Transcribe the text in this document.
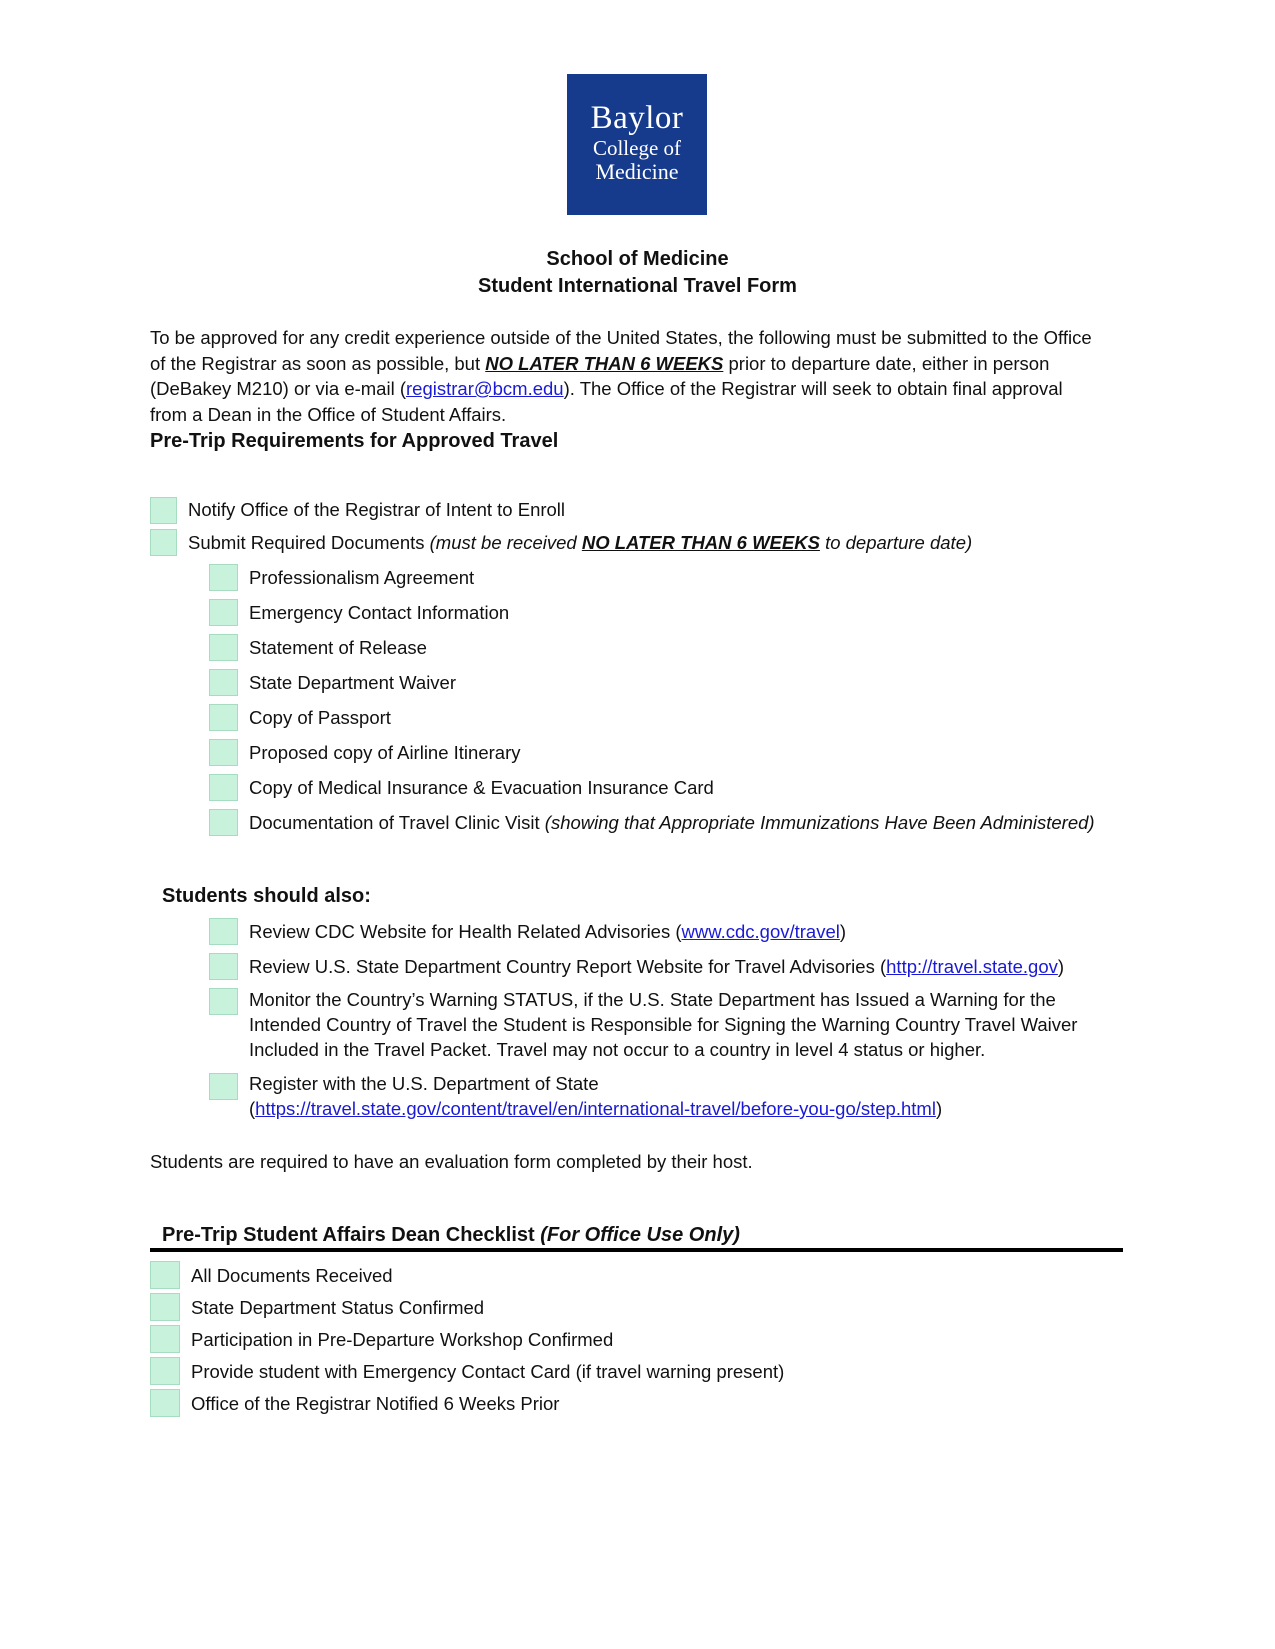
Baylor
College of
Medicine
School of Medicine
Student International Travel Form
To be approved for any credit experience outside of the United States, the following must be submitted to the Office of the Registrar as soon as possible, but NO LATER THAN 6 WEEKS prior to departure date, either in person (DeBakey M210) or via e-mail (registrar@bcm.edu). The Office of the Registrar will seek to obtain final approval from a Dean in the Office of Student Affairs.
Pre-Trip Requirements for Approved Travel
Notify Office of the Registrar of Intent to Enroll
Submit Required Documents (must be received NO LATER THAN 6 WEEKS to departure date)
Professionalism Agreement
Emergency Contact Information
Statement of Release
State Department Waiver
Copy of Passport
Proposed copy of Airline Itinerary
Copy of Medical Insurance & Evacuation Insurance Card
Documentation of Travel Clinic Visit (showing that Appropriate Immunizations Have Been Administered)
Students should also:
Review CDC Website for Health Related Advisories (www.cdc.gov/travel)
Review U.S. State Department Country Report Website for Travel Advisories (http://travel.state.gov)
Monitor the Country’s Warning STATUS, if the U.S. State Department has Issued a Warning for the Intended Country of Travel the Student is Responsible for Signing the Warning Country Travel Waiver Included in the Travel Packet. Travel may not occur to a country in level 4 status or higher.
Register with the U.S. Department of State
(https://travel.state.gov/content/travel/en/international-travel/before-you-go/step.html)
Students are required to have an evaluation form completed by their host.
Pre-Trip Student Affairs Dean Checklist (For Office Use Only)
All Documents Received
State Department Status Confirmed
Participation in Pre-Departure Workshop Confirmed
Provide student with Emergency Contact Card (if travel warning present)
Office of the Registrar Notified 6 Weeks Prior
